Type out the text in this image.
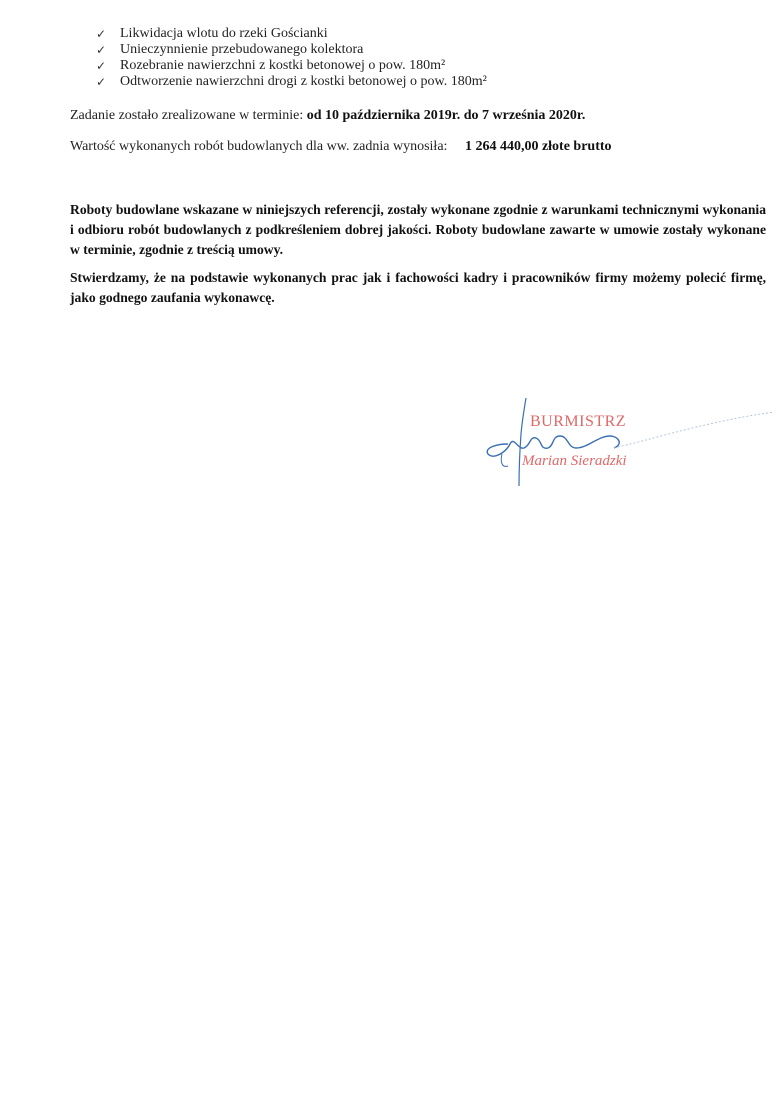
✓ Likwidacja wlotu do rzeki Gościanki
✓ Unieczynnienie przebudowanego kolektora
✓ Rozebranie nawierzchni z kostki betonowej o pow. 180m²
✓ Odtworzenie nawierzchni drogi z kostki betonowej o pow. 180m²
Zadanie zostało zrealizowane w terminie: od 10 października 2019r. do 7 września 2020r.
Wartość wykonanych robót budowlanych dla ww. zadnia wynosiła: 1 264 440,00 złote brutto

Roboty budowlane wskazane w niniejszych referencji, zostały wykonane zgodnie z warunkami technicznymi wykonania i odbioru robót budowlanych z podkreśleniem dobrej jakości. Roboty budowlane zawarte w umowie zostały wykonane w terminie, zgodnie z treścią umowy.

Stwierdzamy, że na podstawie wykonanych prac jak i fachowości kadry i pracowników firmy możemy polecić firmę, jako godnego zaufania wykonawcę.

BURMISTRZ
Marian Sieradzki
